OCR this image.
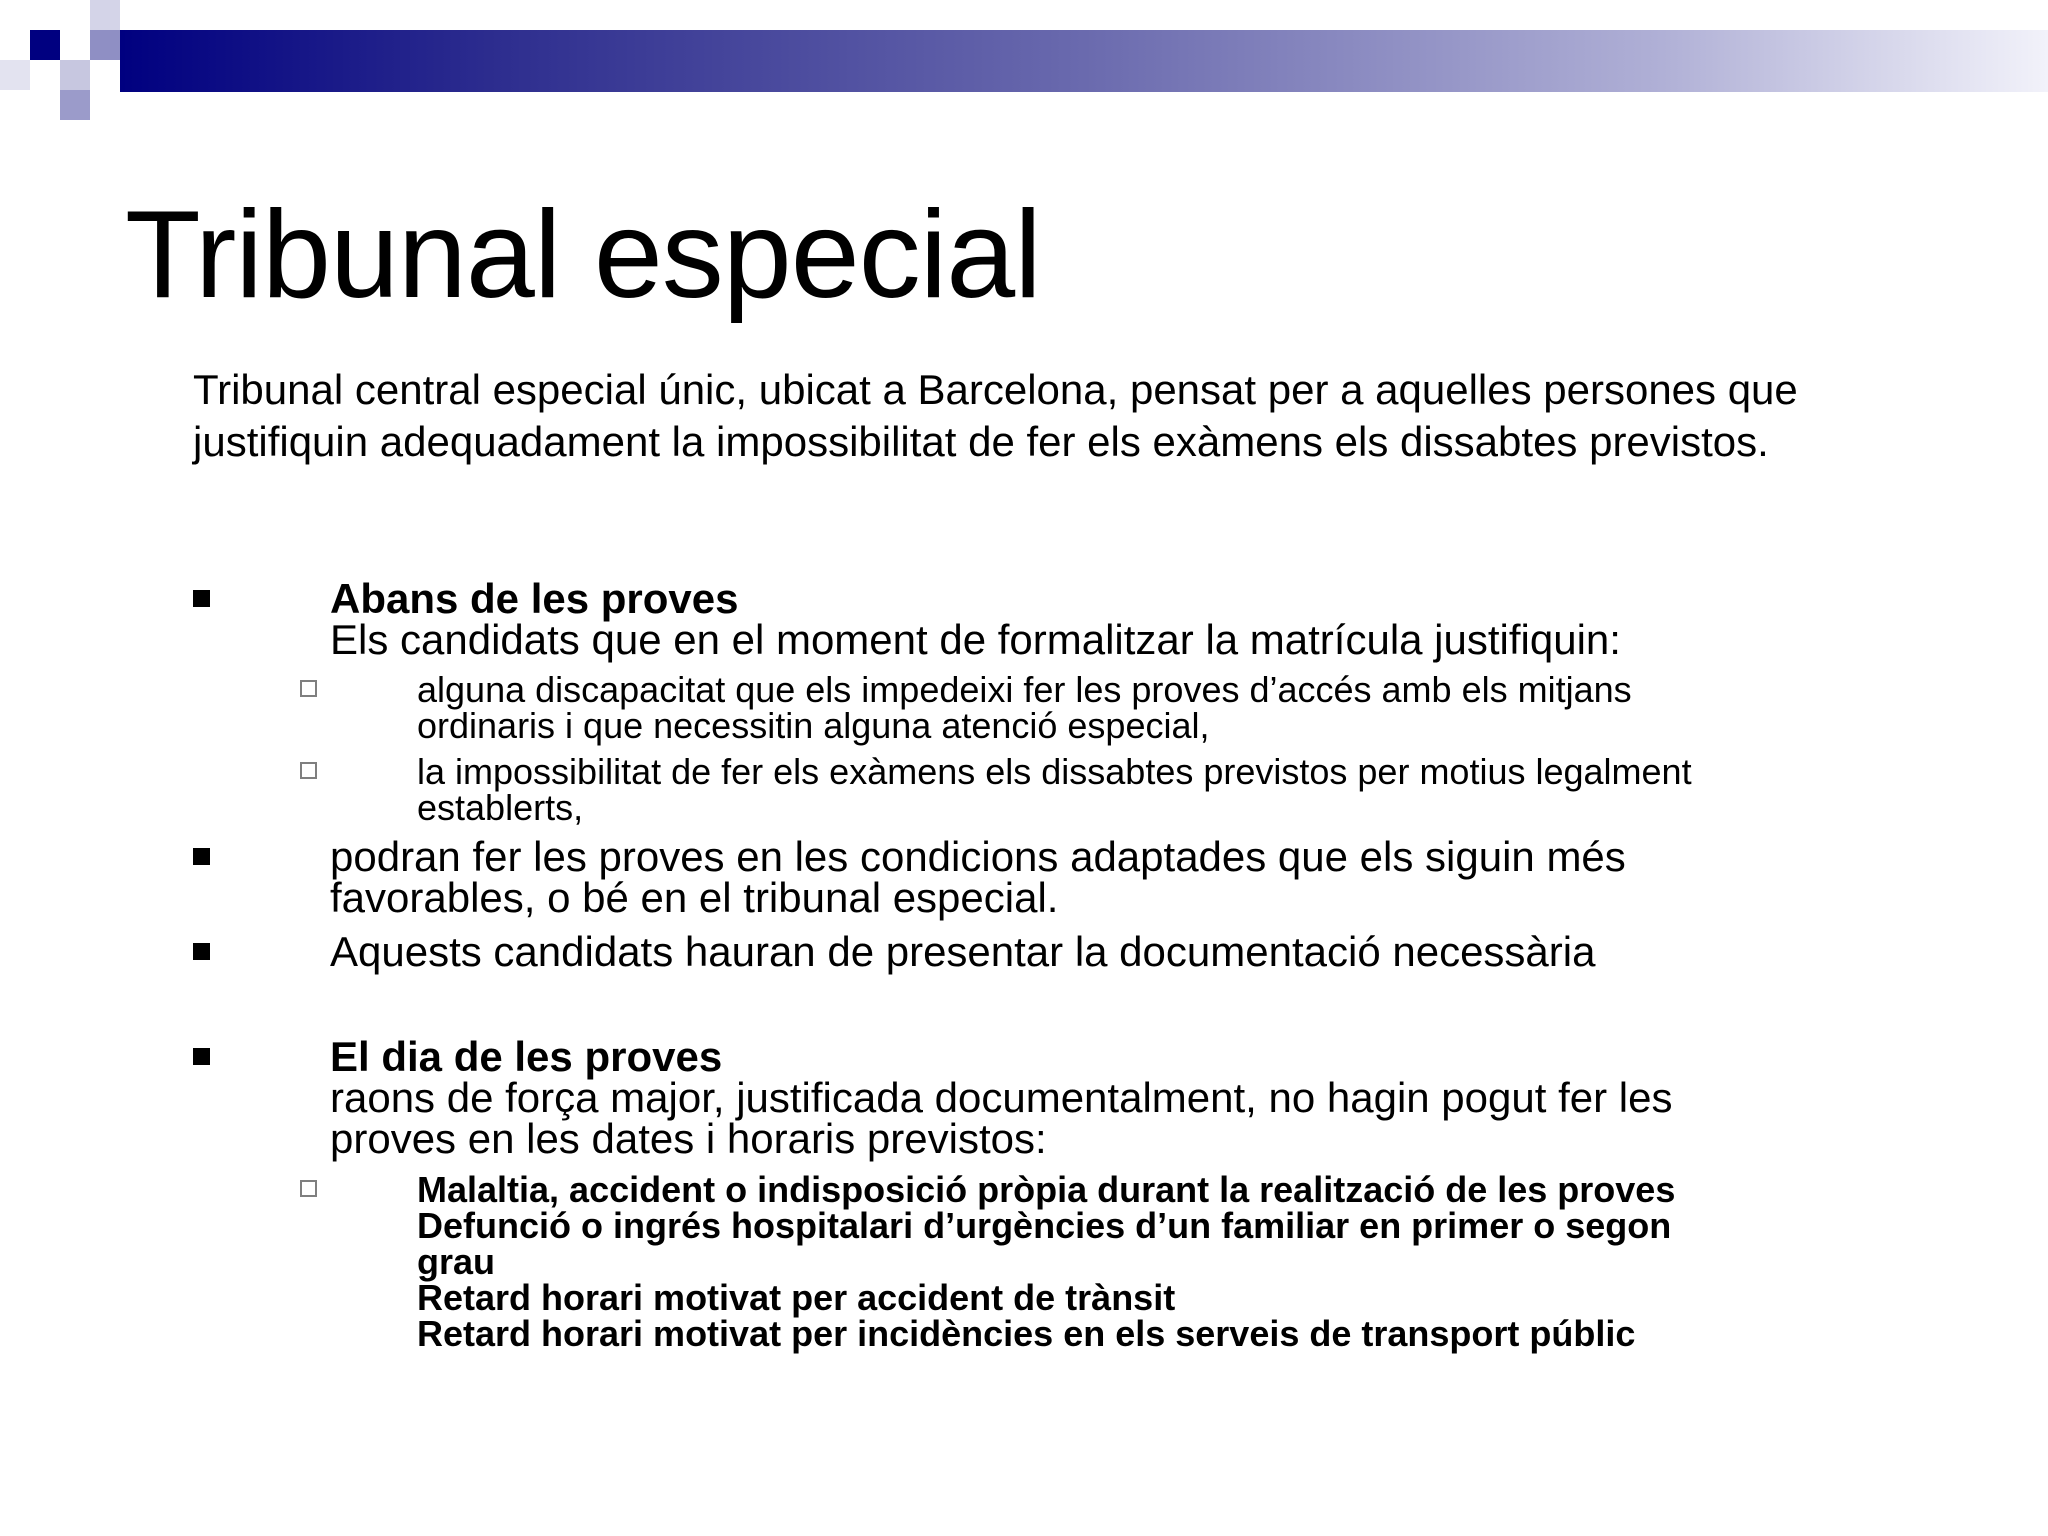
Tribunal especial

Tribunal central especial únic, ubicat a Barcelona, pensat per a aquelles persones que justifiquin adequadament la impossibilitat de fer els exàmens els dissabtes previstos.

Abans de les proves
Els candidats que en el moment de formalitzar la matrícula justifiquin:
alguna discapacitat que els impedeixi fer les proves d’accés amb els mitjans
ordinaris i que necessitin alguna atenció especial,
la impossibilitat de fer els exàmens els dissabtes previstos per motius legalment
establerts,
podran fer les proves en les condicions adaptades que els siguin més
favorables, o bé en el tribunal especial.
Aquests candidats hauran de presentar la documentació necessària
El dia de les proves
raons de força major, justificada documentalment, no hagin pogut fer les
proves en les dates i horaris previstos:
Malaltia, accident o indisposició pròpia durant la realització de les proves
Defunció o ingrés hospitalari d’urgències d’un familiar en primer o segon
grau
Retard horari motivat per accident de trànsit
Retard horari motivat per incidències en els serveis de transport públic
